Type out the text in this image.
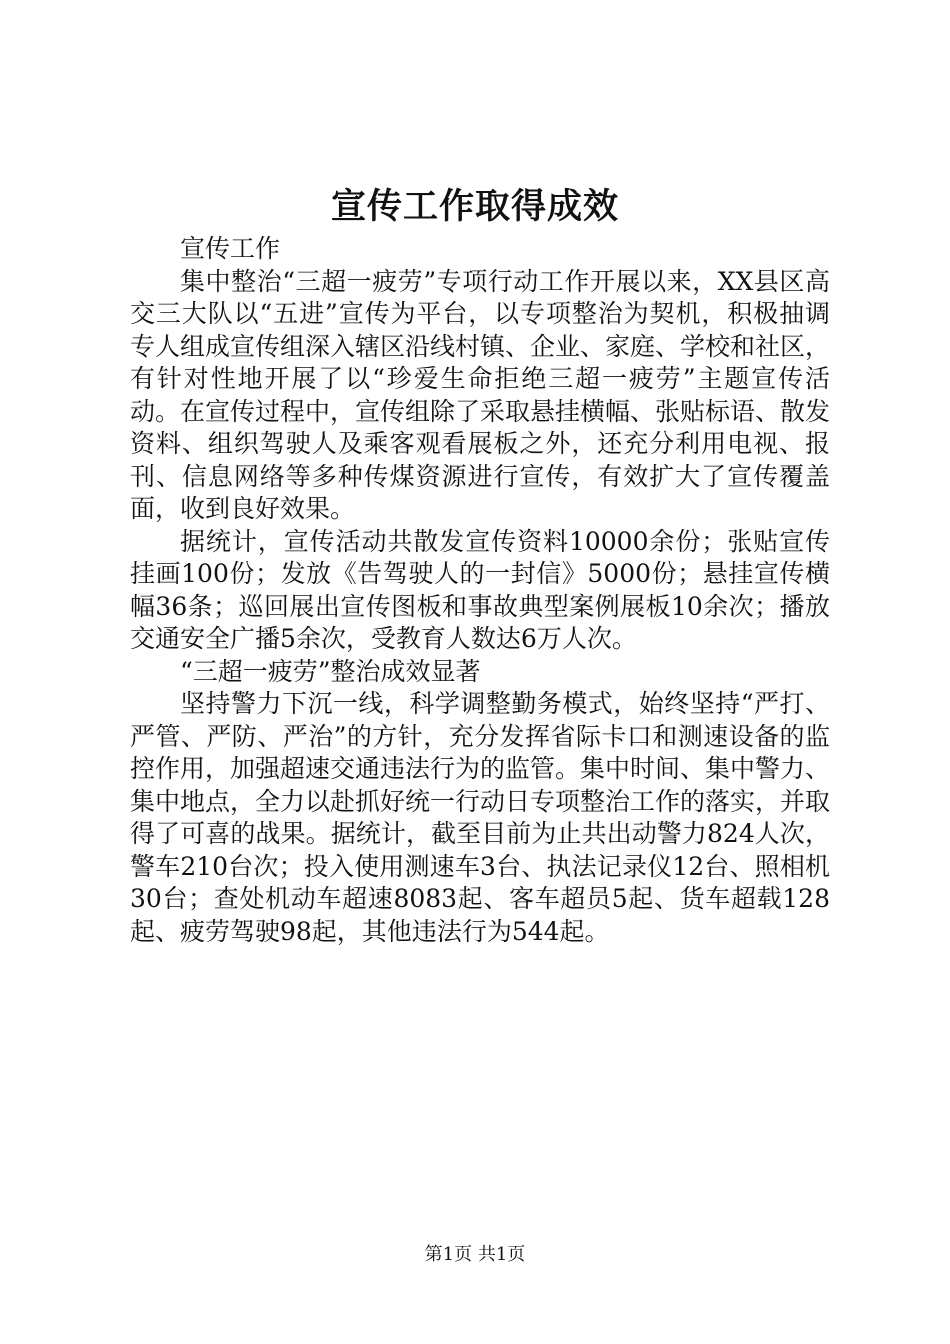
宣传工作取得成效

宣传工作

集中整治“三超一疲劳”专项行动工作开展以来，XX县区高交三大队以“五进”宣传为平台，以专项整治为契机，积极抽调专人组成宣传组深入辖区沿线村镇、企业、家庭、学校和社区，有针对性地开展了以“珍爱生命拒绝三超一疲劳”主题宣传活动。在宣传过程中，宣传组除了采取悬挂横幅、张贴标语、散发资料、组织驾驶人及乘客观看展板之外，还充分利用电视、报刊、信息网络等多种传煤资源进行宣传，有效扩大了宣传覆盖面，收到良好效果。

据统计，宣传活动共散发宣传资料10000余份；张贴宣传挂画100份；发放《告驾驶人的一封信》5000份；悬挂宣传横幅36条；巡回展出宣传图板和事故典型案例展板10余次；播放交通安全广播5余次，受教育人数达6万人次。

“三超一疲劳”整治成效显著

坚持警力下沉一线，科学调整勤务模式，始终坚持“严打、严管、严防、严治”的方针，充分发挥省际卡口和测速设备的监控作用，加强超速交通违法行为的监管。集中时间、集中警力、集中地点，全力以赴抓好统一行动日专项整治工作的落实，并取得了可喜的战果。据统计，截至目前为止共出动警力824人次，警车210台次；投入使用测速车3台、执法记录仪12台、照相机30台；查处机动车超速8083起、客车超员5起、货车超载128起、疲劳驾驶98起，其他违法行为544起。

第1页 共1页
